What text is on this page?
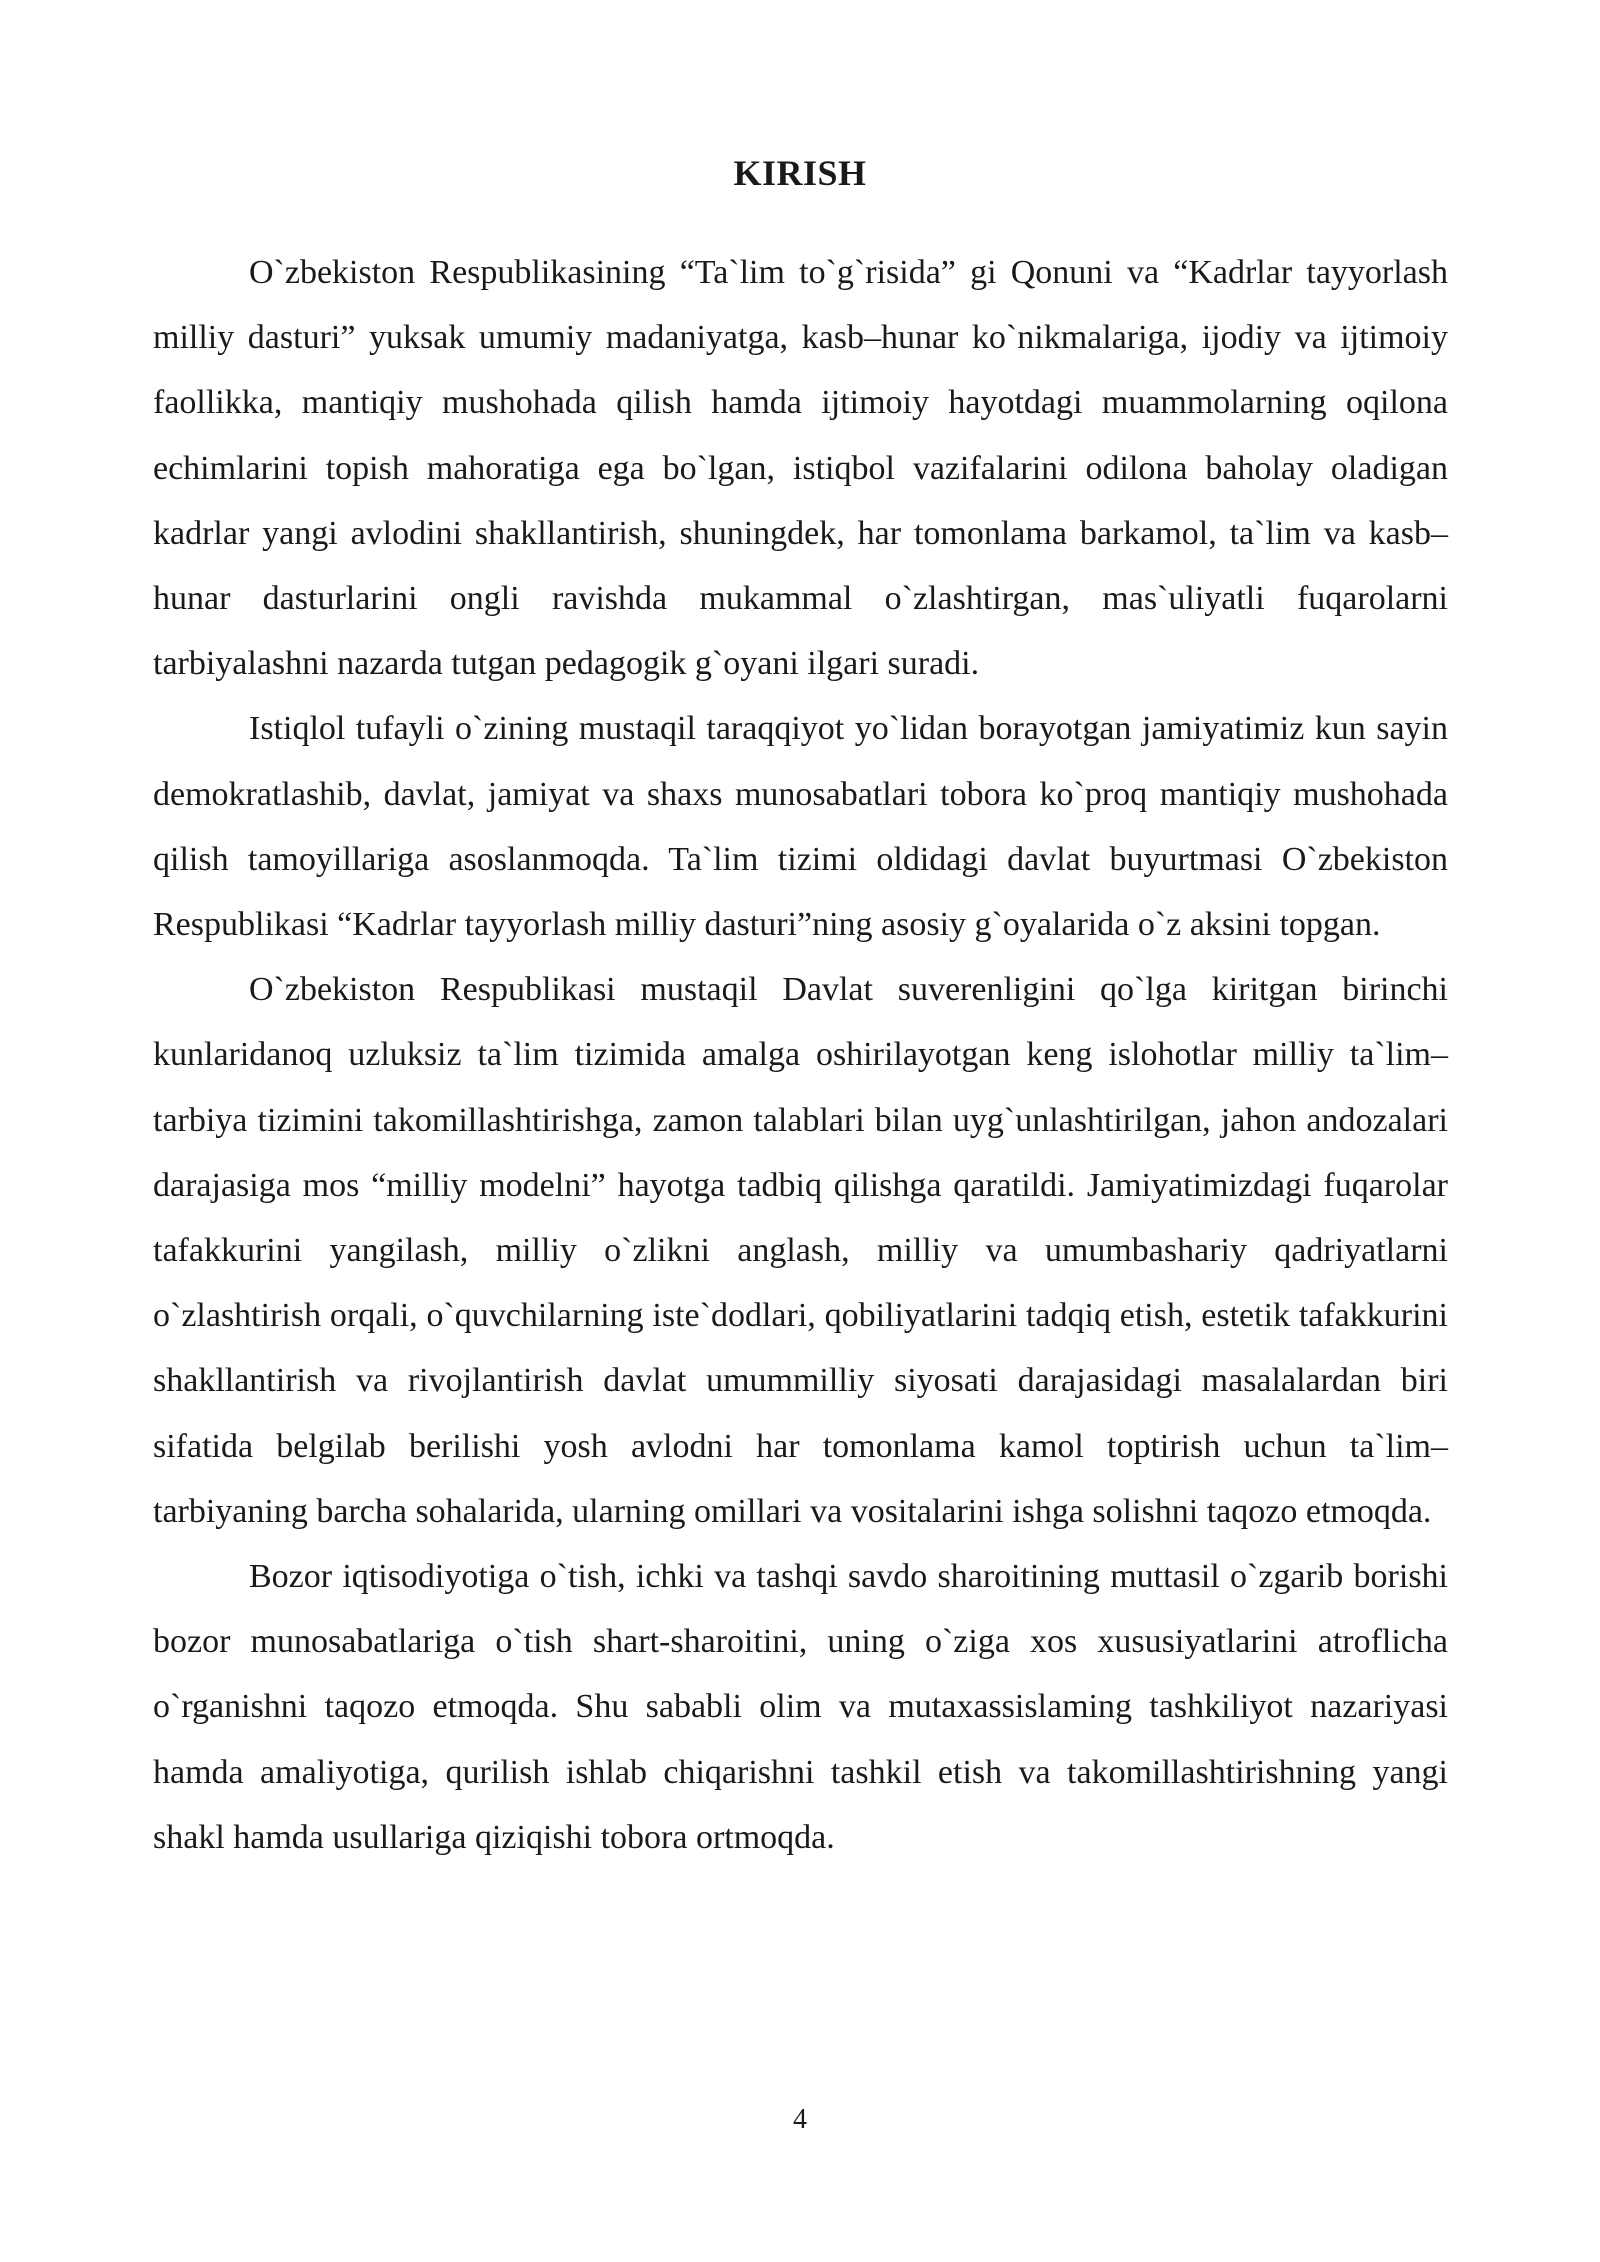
KIRISH

O`zbekiston Respublikasining “Ta`lim to`g`risida” gi Qonuni va “Kadrlar tayyorlash milliy dasturi” yuksak umumiy madaniyatga, kasb–hunar ko`nikmalariga, ijodiy va ijtimoiy faollikka, mantiqiy mushohada qilish hamda ijtimoiy hayotdagi muammolarning oqilona echimlarini topish mahoratiga ega bo`lgan, istiqbol vazifalarini odilona baholay oladigan kadrlar yangi avlodini shakllantirish, shuningdek, har tomonlama barkamol, ta`lim va kasb–hunar dasturlarini ongli ravishda mukammal o`zlashtirgan, mas`uliyatli fuqarolarni tarbiyalashni nazarda tutgan pedagogik g`oyani ilgari suradi.

Istiqlol tufayli o`zining mustaqil taraqqiyot yo`lidan borayotgan jamiyatimiz kun sayin demokratlashib, davlat, jamiyat va shaxs munosabatlari tobora ko`proq mantiqiy mushohada qilish tamoyillariga asoslanmoqda. Ta`lim tizimi oldidagi davlat buyurtmasi O`zbekiston Respublikasi “Kadrlar tayyorlash milliy dasturi”ning asosiy g`oyalarida o`z aksini topgan.

O`zbekiston Respublikasi mustaqil Davlat suverenligini qo`lga kiritgan birinchi kunlaridanoq uzluksiz ta`lim tizimida amalga oshirilayotgan keng islohotlar milliy ta`lim–tarbiya tizimini takomillashtirishga, zamon talablari bilan uyg`unlashtirilgan, jahon andozalari darajasiga mos “milliy modelni” hayotga tadbiq qilishga qaratildi. Jamiyatimizdagi fuqarolar tafakkurini yangilash, milliy o`zlikni anglash, milliy va umumbashariy qadriyatlarni o`zlashtirish orqali, o`quvchilarning iste`dodlari, qobiliyatlarini tadqiq etish, estetik tafakkurini shakllantirish va rivojlantirish davlat umummilliy siyosati darajasidagi masalalardan biri sifatida belgilab berilishi yosh avlodni har tomonlama kamol toptirish uchun ta`lim–tarbiyaning barcha sohalarida, ularning omillari va vositalarini ishga solishni taqozo etmoqda.

Bozor iqtisodiyotiga o`tish, ichki va tashqi savdo sharoitining muttasil o`zgarib borishi bozor munosabatlariga o`tish shart-sharoitini, uning o`ziga xos xususiyatlarini atroflicha o`rganishni taqozo etmoqda. Shu sababli olim va mutaxassislaming tashkiliyot nazariyasi hamda amaliyotiga, qurilish ishlab chiqarishni tashkil etish va takomillashtirishning yangi shakl hamda usullariga qiziqishi tobora ortmoqda.

4
